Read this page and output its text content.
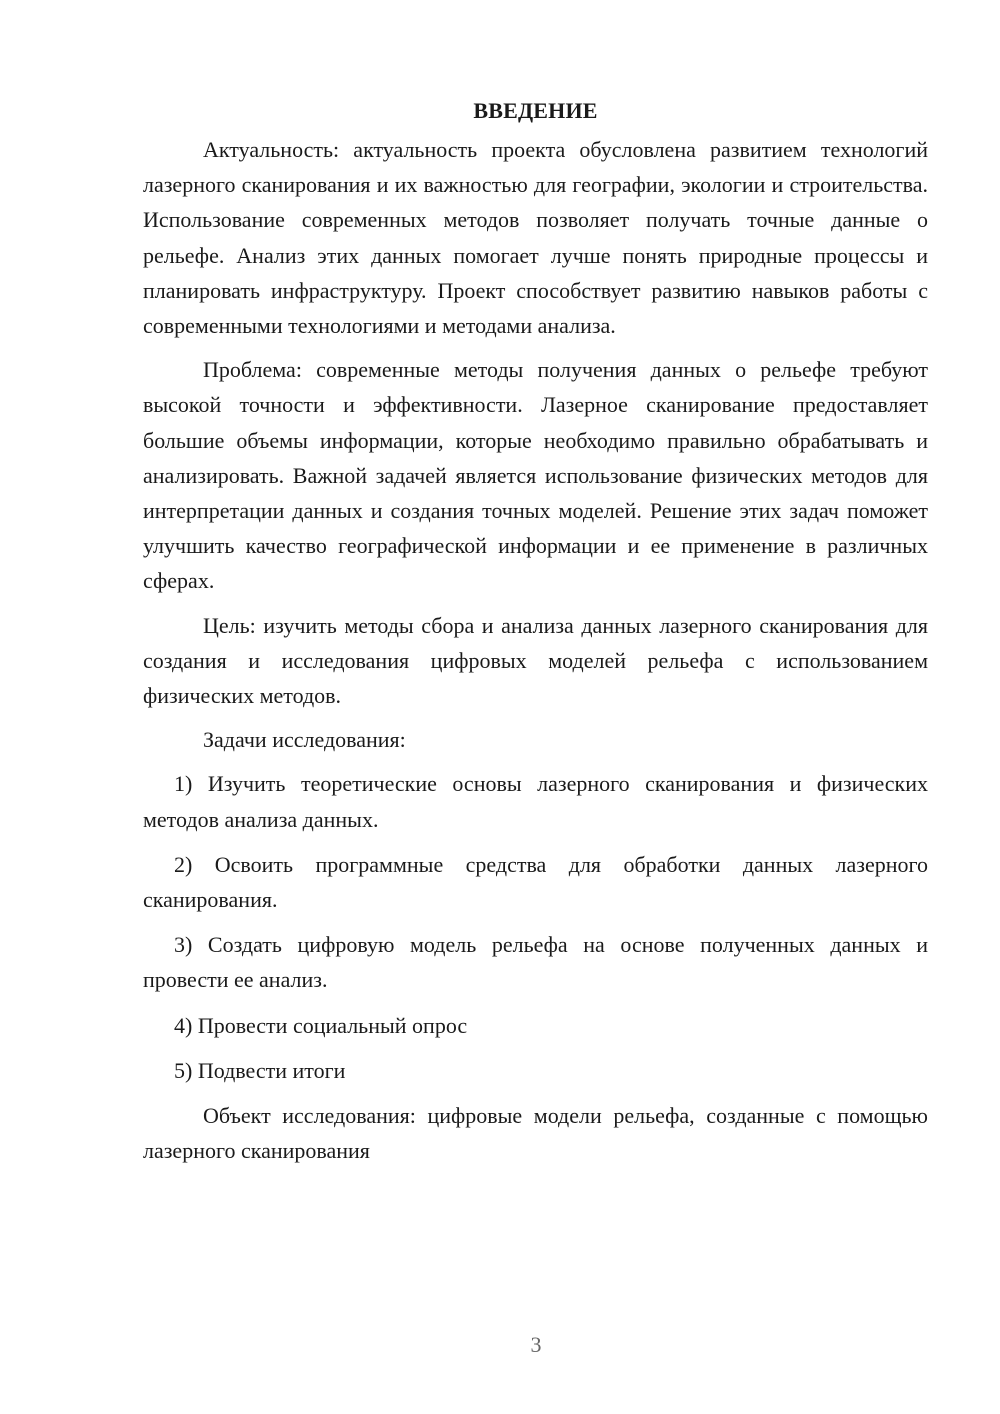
ВВЕДЕНИЕ

Актуальность: актуальность проекта обусловлена развитием технологий лазерного сканирования и их важностью для географии, экологии и строительства. Использование современных методов позволяет получать точные данные о рельефе. Анализ этих данных помогает лучше понять природные процессы и планировать инфраструктуру. Проект способствует развитию навыков работы с современными технологиями и методами анализа.

Проблема: современные методы получения данных о рельефе требуют высокой точности и эффективности. Лазерное сканирование предоставляет большие объемы информации, которые необходимо правильно обрабатывать и анализировать. Важной задачей является использование физических методов для интерпретации данных и создания точных моделей. Решение этих задач поможет улучшить качество географической информации и ее применение в различных сферах.

Цель: изучить методы сбора и анализа данных лазерного сканирования для создания и исследования цифровых моделей рельефа с использованием физических методов.

Задачи исследования:

1) Изучить теоретические основы лазерного сканирования и физических методов анализа данных.

2) Освоить программные средства для обработки данных лазерного сканирования.

3) Создать цифровую модель рельефа на основе полученных данных и провести ее анализ.

4) Провести социальный опрос

5) Подвести итоги

Объект исследования: цифровые модели рельефа, созданные с помощью лазерного сканирования

3
